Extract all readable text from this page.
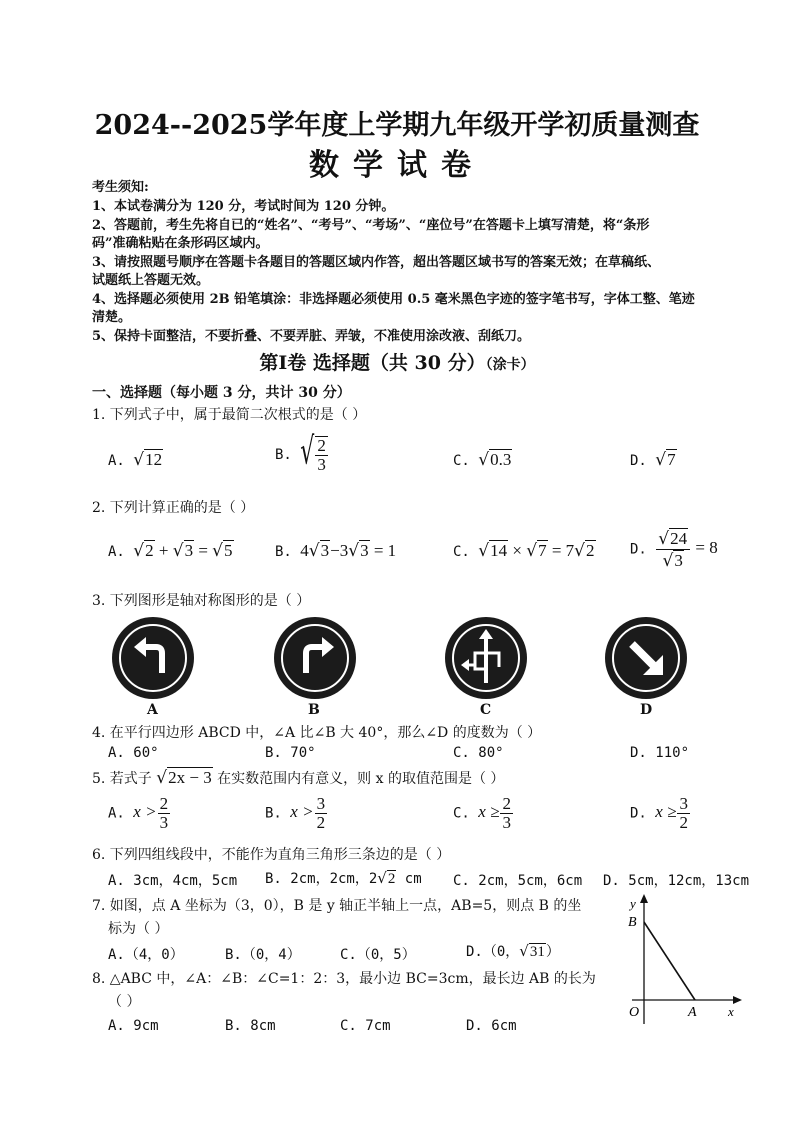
2024--2025学年度上学期九年级开学初质量测查
数学试卷
考生须知:
1、本试卷满分为 120 分，考试时间为 120 分钟。
2、答题前，考生先将自已的“姓名”、“考号”、“考场”、“座位号”在答题卡上填写清楚，将“条形
码”准确粘贴在条形码区域内。
3、请按照题号顺序在答题卡各题目的答题区域内作答，超出答题区域书写的答案无效；在草稿纸、
试题纸上答题无效。
4、选择题必须使用 2B 铅笔填涂：非选择题必须使用 0.5 毫米黑色字迹的签字笔书写，字体工整、笔迹
清楚。
5、保持卡面整洁，不要折叠、不要弄脏、弄皱，不准使用涂改液、刮纸刀。
第Ⅰ卷 选择题（共 30 分）（涂卡）
一、选择题（每小题 3 分，共计 30 分）
1. 下列式子中，属于最简二次根式的是（ ）
A. √12	B. √ $\frac{2}{3}$	C. √0.3	D. √7
2. 下列计算正确的是（ ）
A. √2 + √3 = √5	B. 4√3−3√3 = 1	C. √14 × √7 = 7√2	D. $\frac{√24}{√3} = 8$
3. 下列图形是轴对称图形的是（ ）
A	B	C	D
4. 在平行四边形 ABCD 中，∠A 比∠B 大 40°，那么∠D 的度数为（ ）
A. 60°	B. 70°	C. 80°	D. 110°
5. 若式子 √2x − 3 在实数范围内有意义，则 x 的取值范围是（ ）
A. $x > \frac{2}{3}$	B. $x > \frac{3}{2}$	C. $x \ge \frac{2}{3}$	D. $x \ge \frac{3}{2}$
6. 下列四组线段中，不能作为直角三角形三条边的是（ ）
A. 3cm，4cm，5cm B. 2cm，2cm，2√2 cm C. 2cm，5cm，6cm D. 5cm，12cm，13cm
7. 如图，点 A 坐标为（3，0），B 是 y 轴正半轴上一点，AB=5，则点 B 的坐
标为（ ）
A.（4，0）	B.（0，4）	C.（0，5）	D.（0，√31）
8. △ABC 中，∠A：∠B：∠C=1：2：3，最小边 BC=3cm，最长边 AB 的长为
（ ）
A. 9cm	B. 8cm	C. 7cm	D. 6cm
y
B
O	A x
